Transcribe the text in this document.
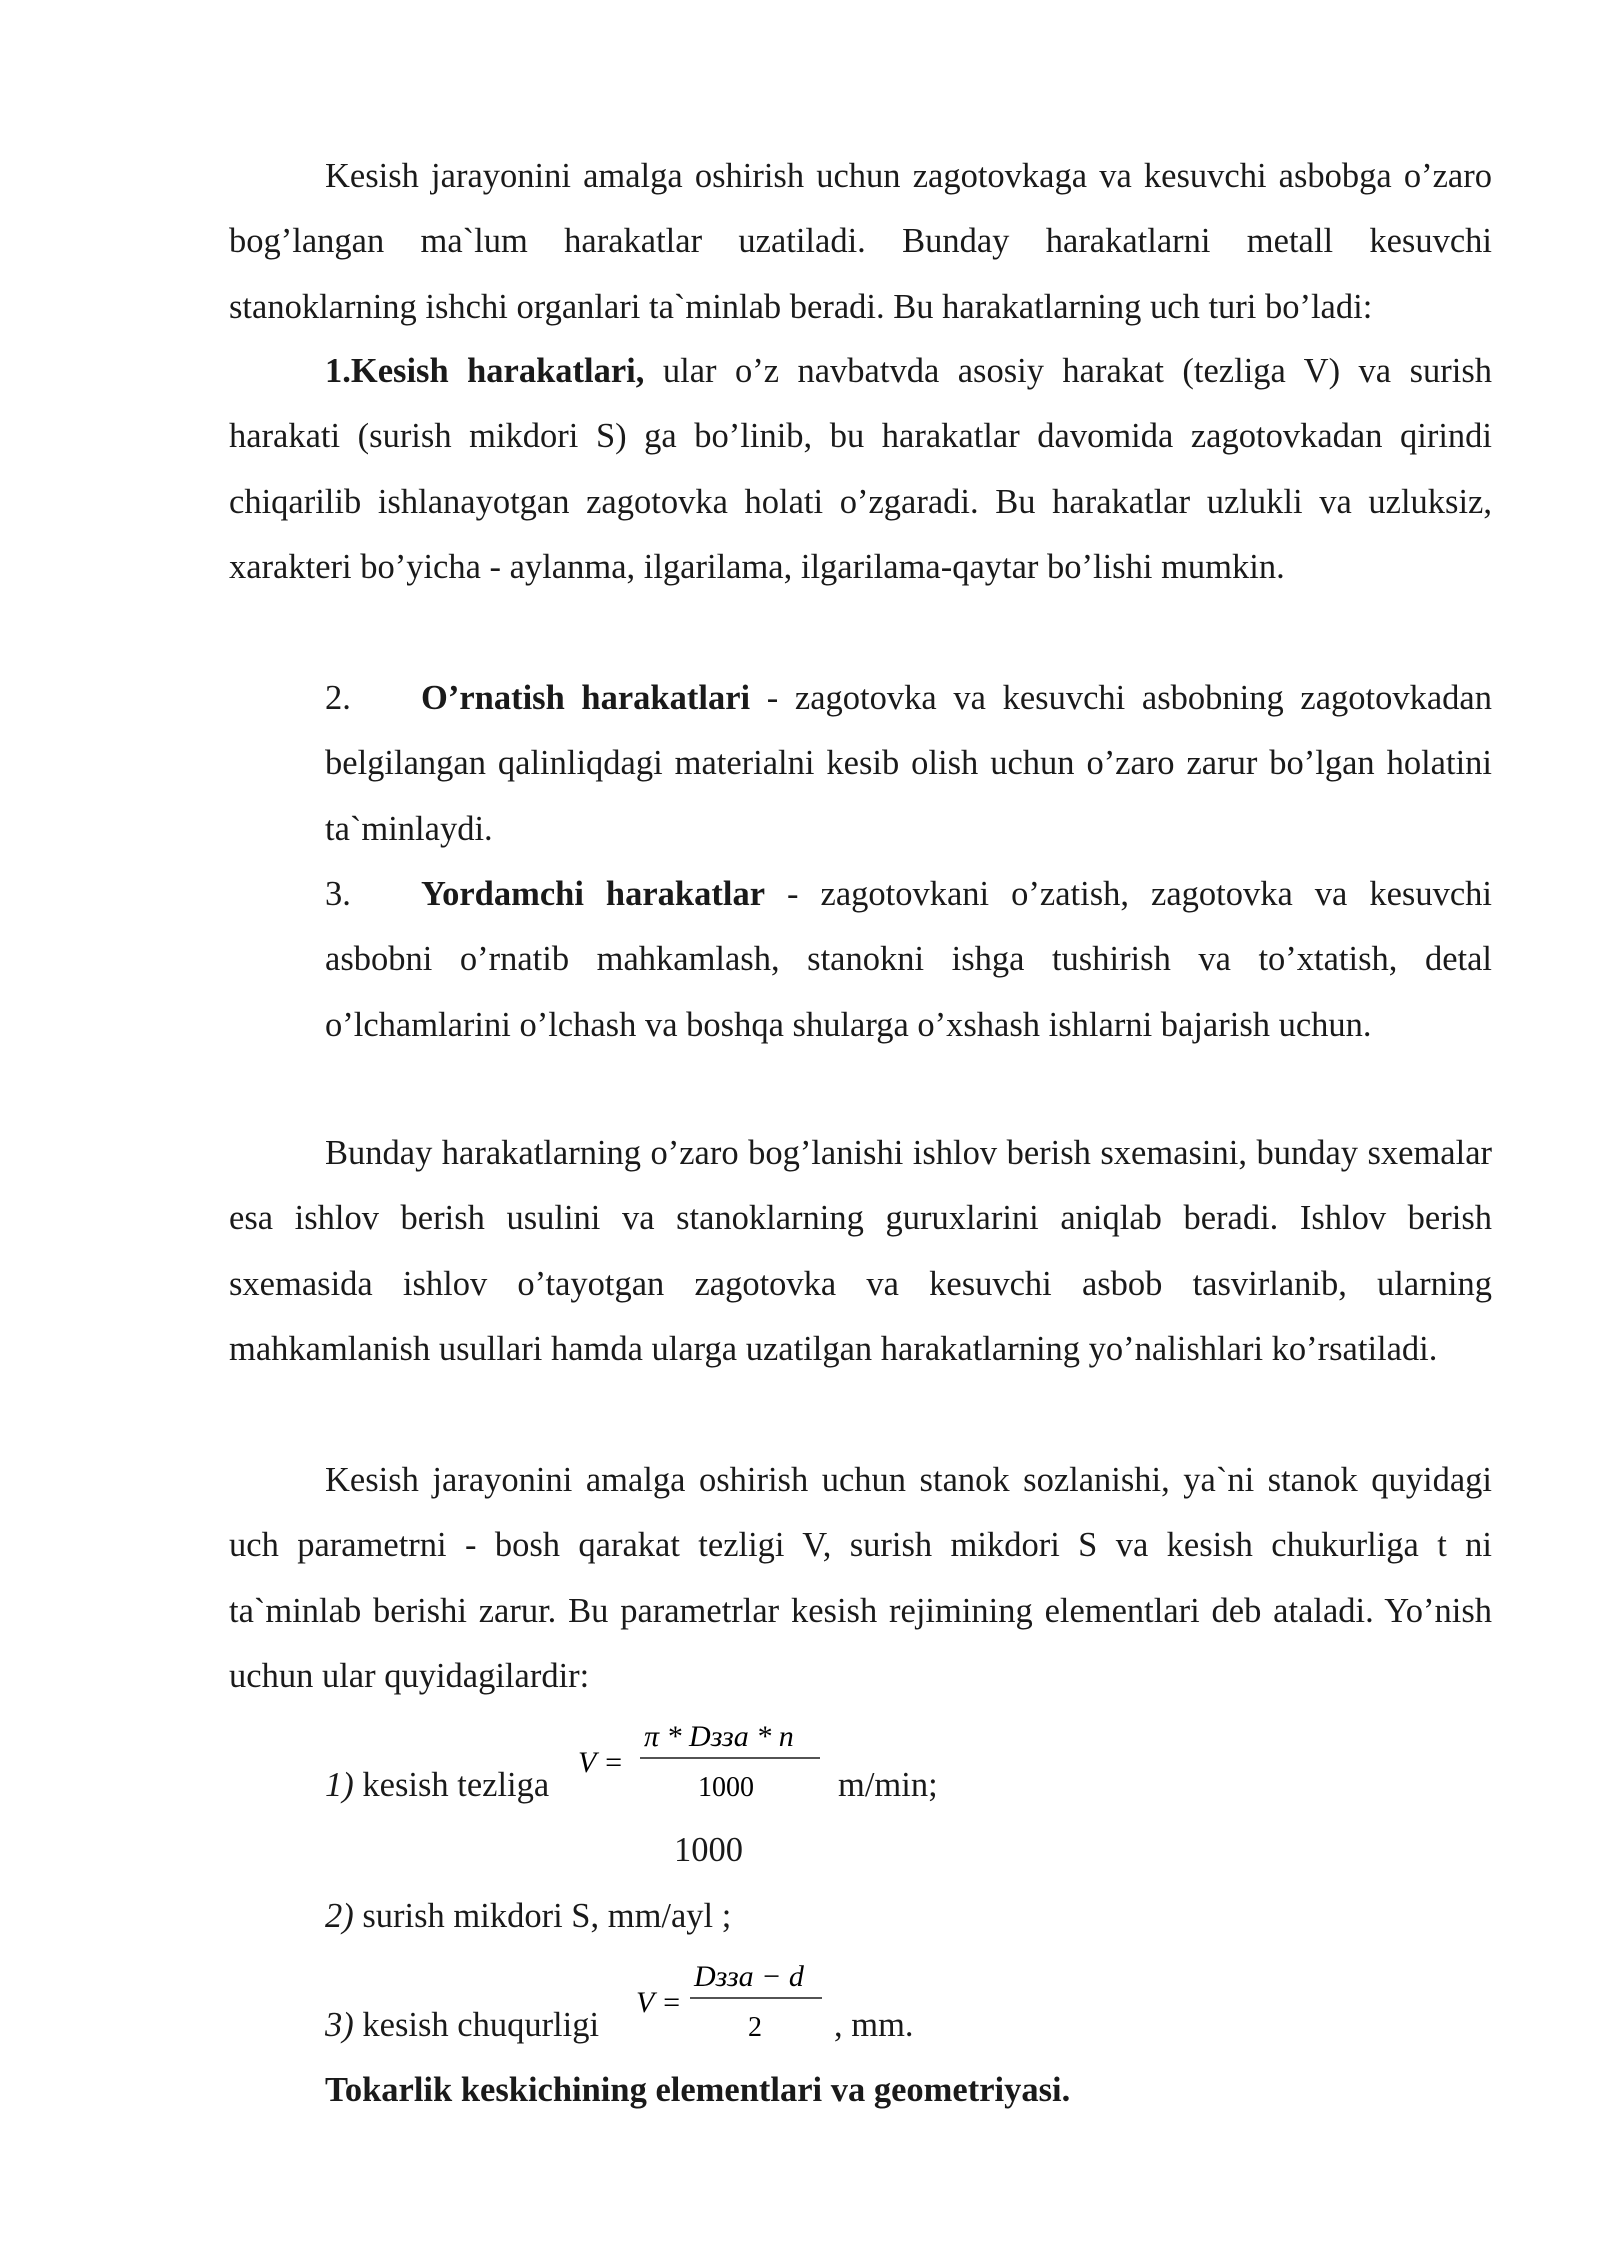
Kesish jarayonini amalga oshirish uchun zagotovkaga va kesuvchi asbobga o’zaro bog’langan ma`lum harakatlar uzatiladi. Bunday harakatlarni metall kesuvchi stanoklarning ishchi organlari ta`minlab beradi. Bu harakatlarning uch turi bo’ladi:

1.Kesish harakatlari, ular o’z navbatvda asosiy harakat (tezliga V) va surish harakati (surish mikdori S) ga bo’linib, bu harakatlar davomida zagotovkadan qirindi chiqarilib ishlanayotgan zagotovka holati o’zgaradi. Bu harakatlar uzlukli va uzluksiz, xarakteri bo’yicha - aylanma, ilgarilama, ilgarilama-qaytar bo’lishi mumkin.

2. O’rnatish harakatlari - zagotovka va kesuvchi asbobning zagotovkadan belgilangan qalinliqdagi materialni kesib olish uchun o’zaro zarur bo’lgan holatini ta`minlaydi.

3. Yordamchi harakatlar - zagotovkani o’zatish, zagotovka va kesuvchi asbobni o’rnatib mahkamlash, stanokni ishga tushirish va to’xtatish, detal o’lchamlarini o’lchash va boshqa shularga o’xshash ishlarni bajarish uchun.

Bunday harakatlarning o’zaro bog’lanishi ishlov berish sxemasini, bunday sxemalar esa ishlov berish usulini va stanoklarning guruxlarini aniqlab beradi. Ishlov berish sxemasida ishlov o’tayotgan zagotovka va kesuvchi asbob tasvirlanib, ularning mahkamlanish usullari hamda ularga uzatilgan harakatlarning yo’nalishlari ko’rsatiladi.

Kesish jarayonini amalga oshirish uchun stanok sozlanishi, ya`ni stanok quyidagi uch parametrni - bosh qarakat tezligi V, surish mikdori S va kesish chukurliga t ni ta`minlab berishi zarur. Bu parametrlar kesish rejimining elementlari deb ataladi. Yo’nish uchun ular quyidagilardir:

1) kesish tezliga
V =
π * Dзза * n
1000 m/min;
1000
2) surish mikdori S, mm/ayl ;
3) kesish chuqurligi
V =
Dзза − d
2 , mm.
Tokarlik keskichining elementlari va geometriyasi.
